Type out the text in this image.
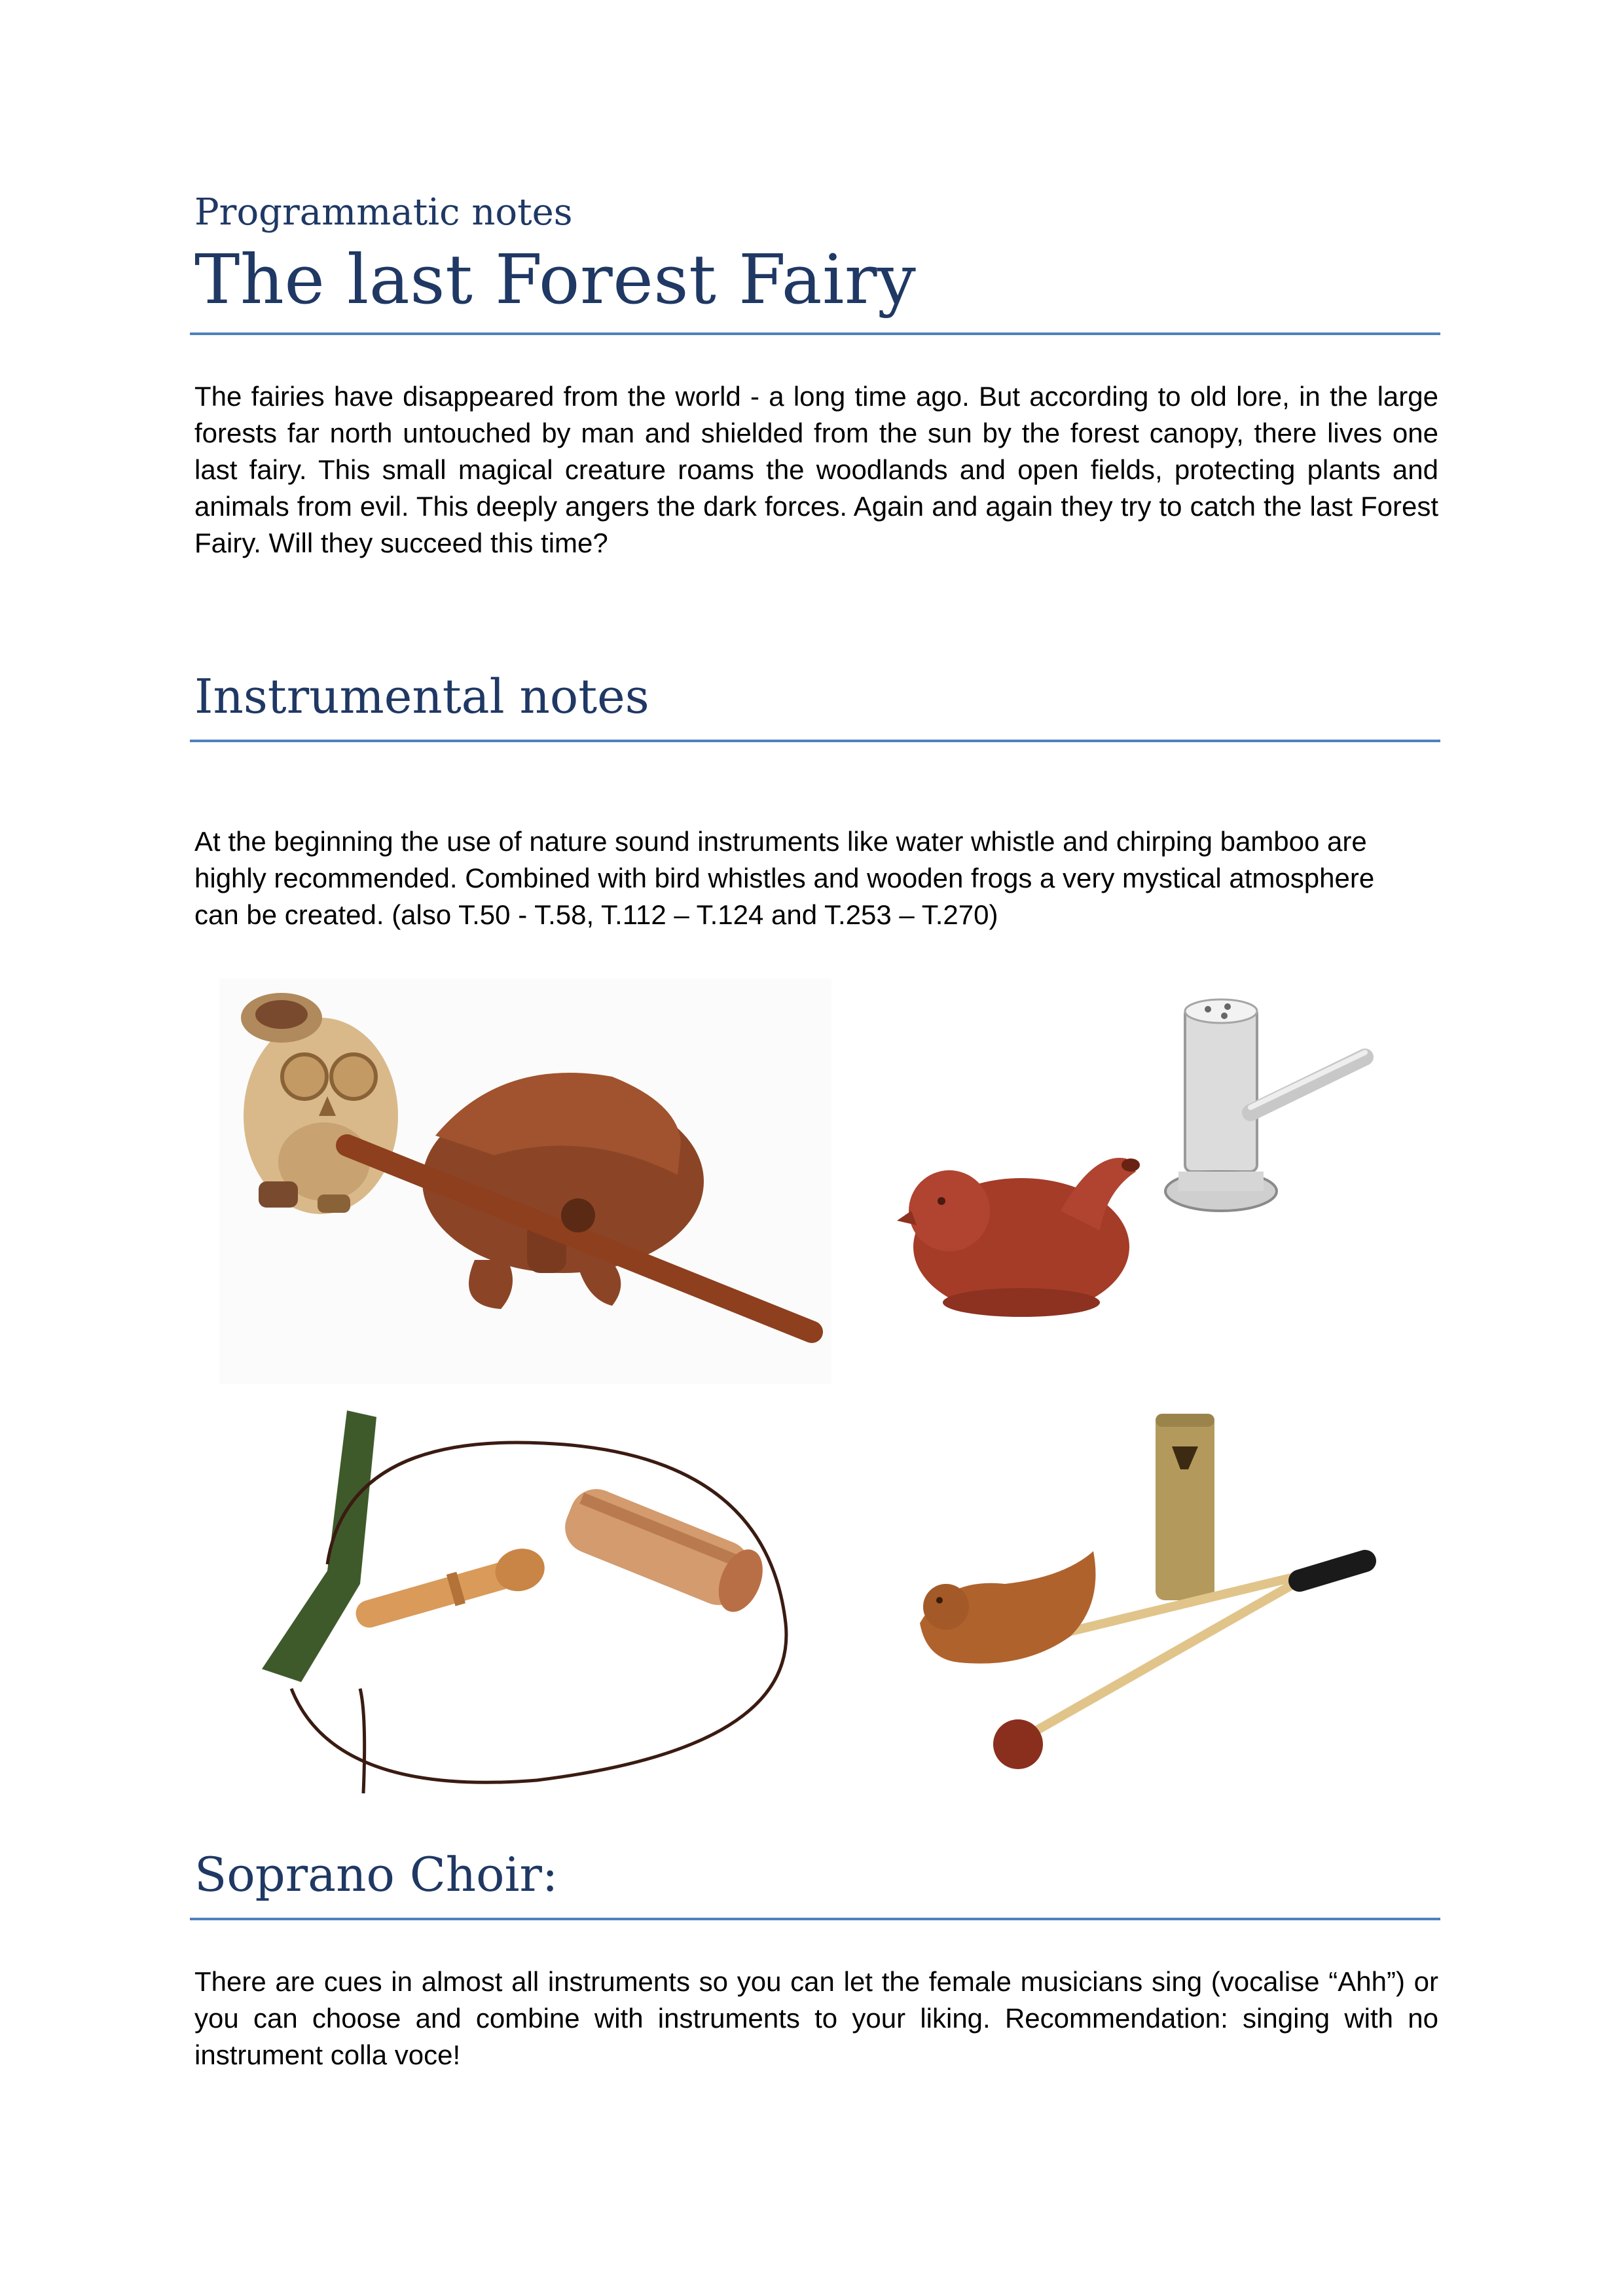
Programmatic notes
The last Forest Fairy

The fairies have disappeared from the world - a long time ago. But according to old lore, in the large forests far north untouched by man and shielded from the sun by the forest canopy, there lives one last fairy. This small magical creature roams the woodlands and open fields, protecting plants and animals from evil. This deeply angers the dark forces. Again and again they try to catch the last Forest Fairy. Will they succeed this time?

Instrumental notes

At the beginning the use of nature sound instruments like water whistle and chirping bamboo are highly recommended. Combined with bird whistles and wooden frogs a very mystical atmosphere can be created. (also T.50 - T.58, T.112 – T.124 and T.253 – T.270)

Soprano Choir:

There are cues in almost all instruments so you can let the female musicians sing (vocalise “Ahh”) or you can choose and combine with instruments to your liking. Recommendation: singing with no instrument colla voce!
